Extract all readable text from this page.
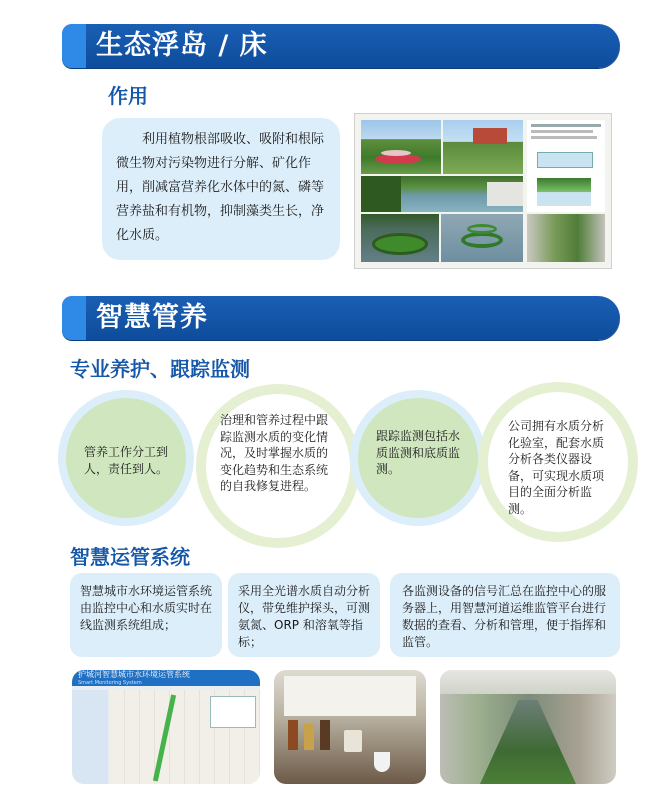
生态浮岛 / 床
作用
利用植物根部吸收、吸附和根际微生物对污染物进行分解、矿化作用，削减富营养化水体中的氮、磷等营养盐和有机物，抑制藻类生长，净化水质。
智慧管养
专业养护、跟踪监测
管养工作分工到人，责任到人。
治理和管养过程中跟踪监测水质的变化情况，及时掌握水质的变化趋势和生态系统的自我修复进程。
跟踪监测包括水质监测和底质监测。
公司拥有水质分析化验室，配套水质分析各类仪器设备，可实现水质项目的全面分析监测。
智慧运管系统
智慧城市水环境运管系统由监控中心和水质实时在线监测系统组成；
采用全光谱水质自动分析仪，带免维护探头，可测氨氮、ORP 和溶氧等指标；
各监测设备的信号汇总在监控中心的服务器上，用智慧河道运维监管平台进行数据的查看、分析和管理，便于指挥和监管。
护城河智慧城市水环境运管系统
Smart Monitoring System
